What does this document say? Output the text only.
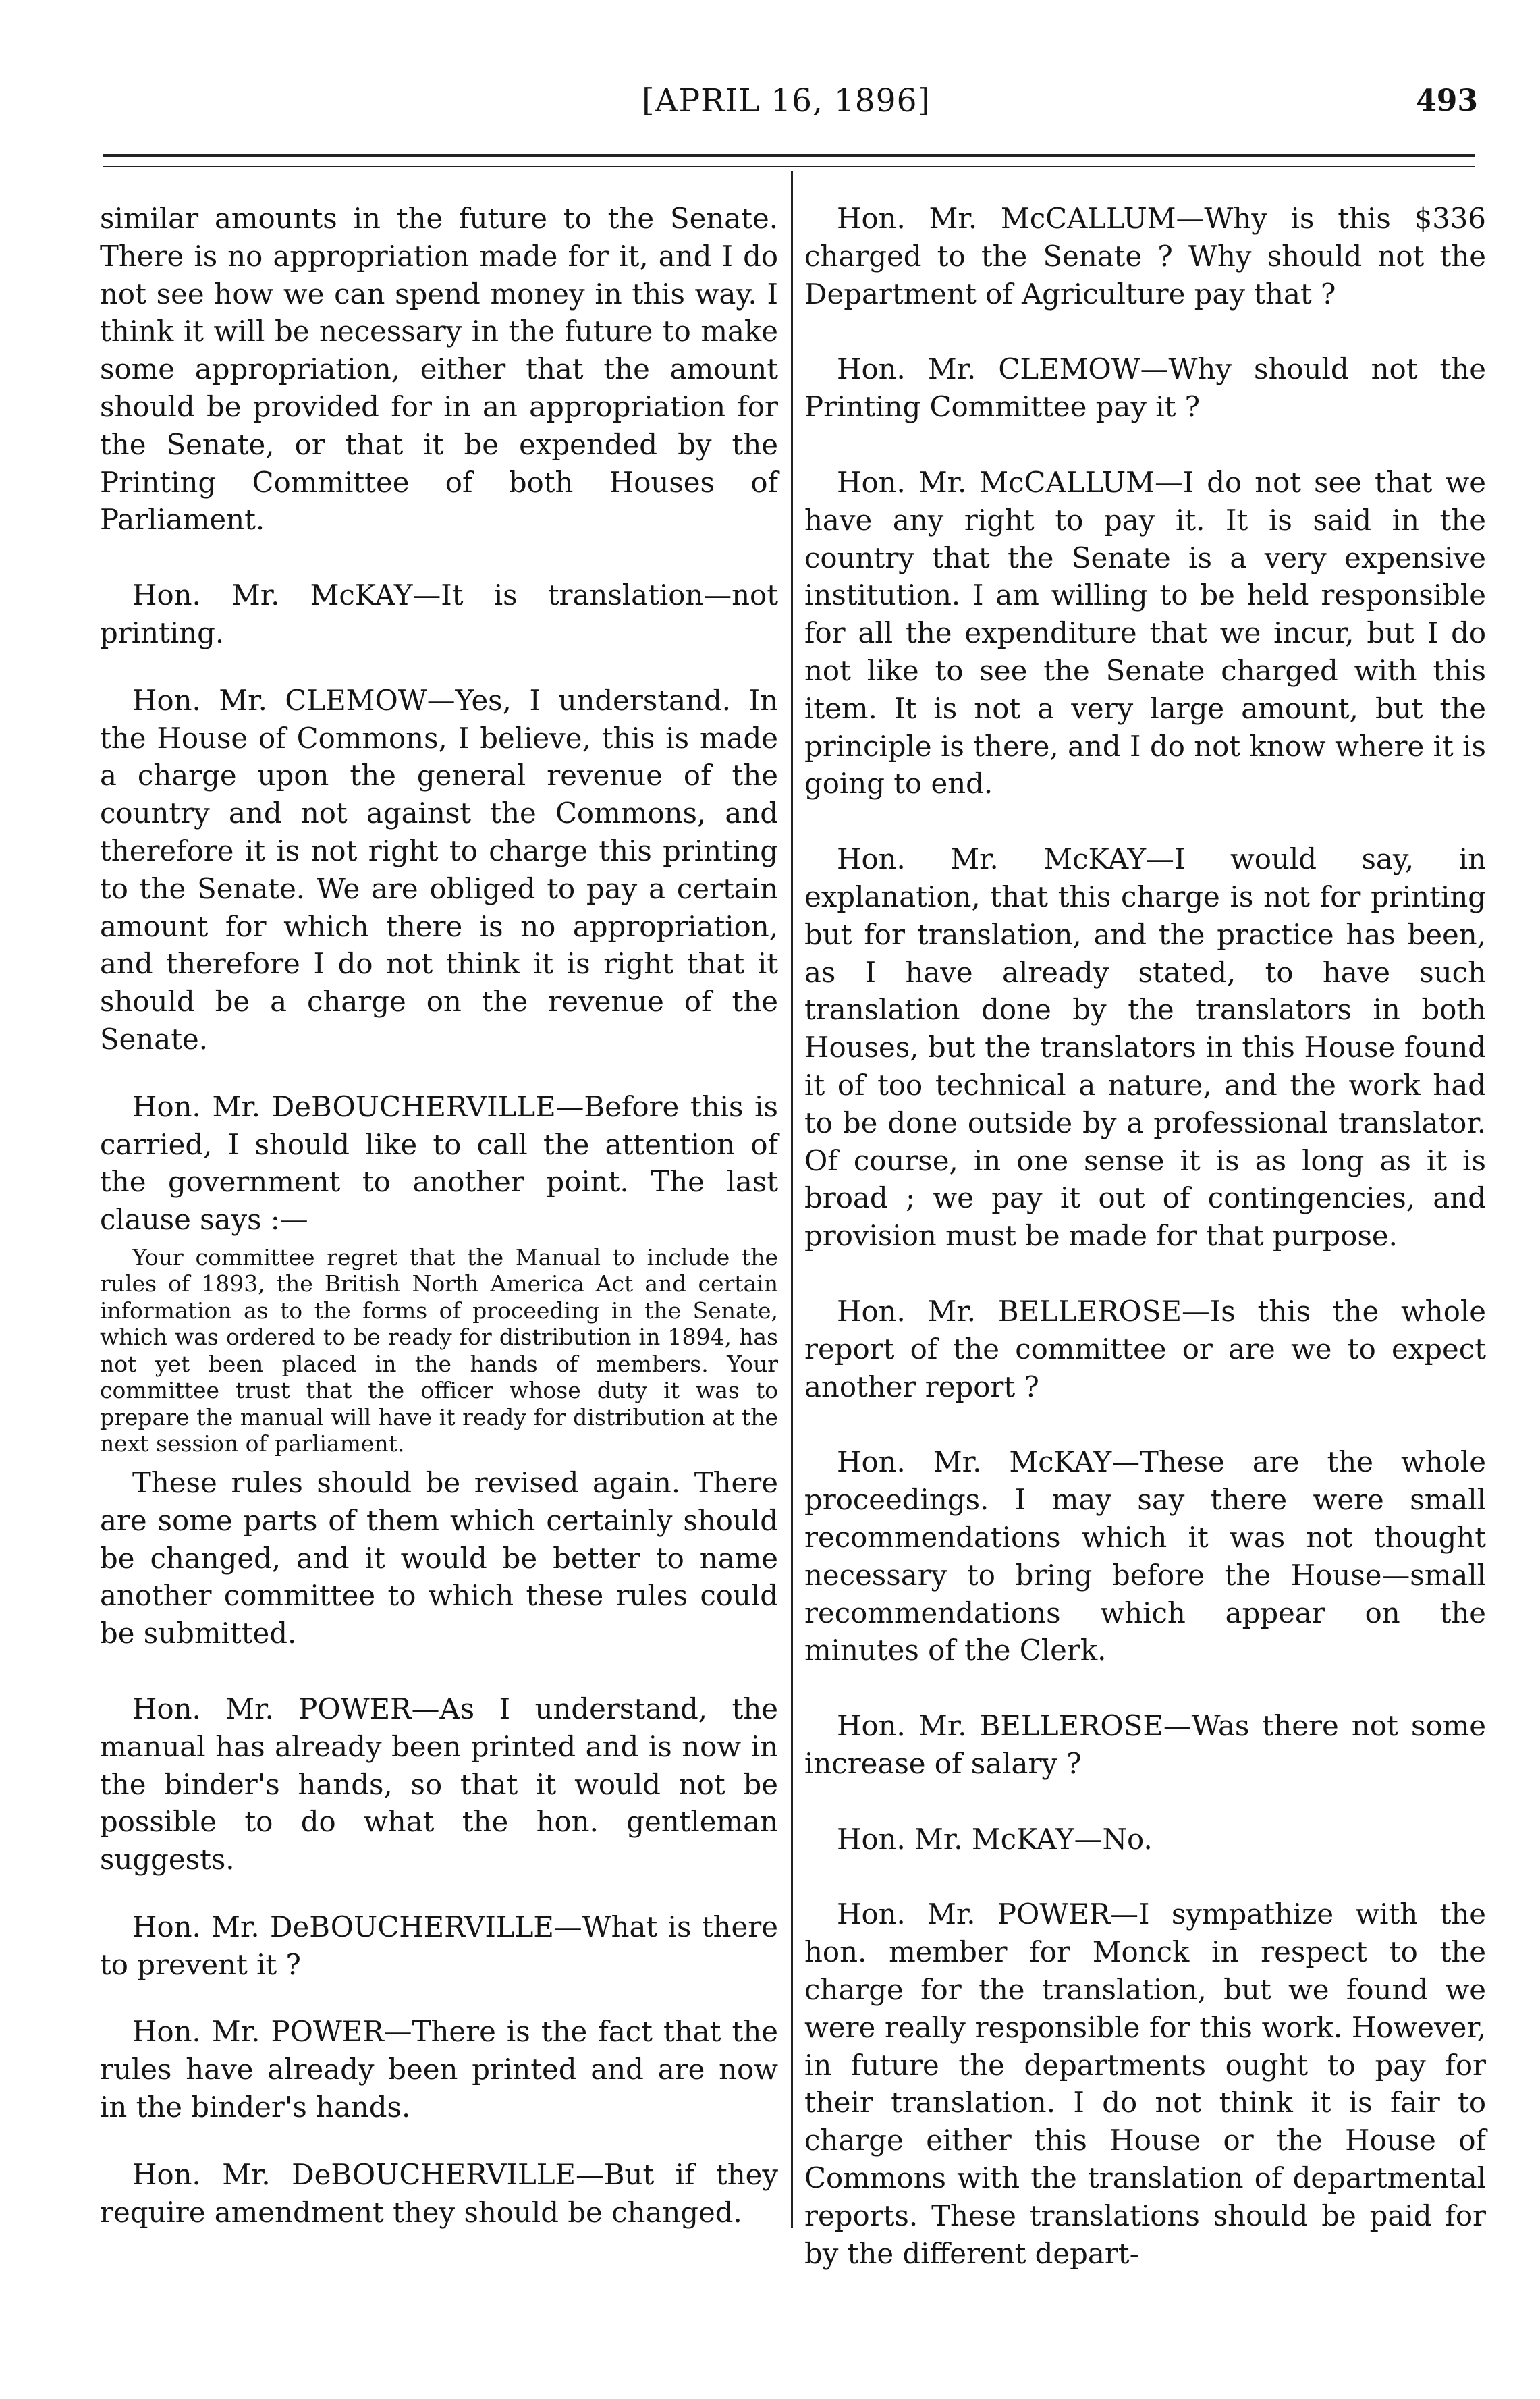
[APRIL 16, 1896]	493

similar amounts in the future to the Senate. There is no appropriation made for it, and I do not see how we can spend money in this way. I think it will be necessary in the future to make some appropriation, either that the amount should be provided for in an appropriation for the Senate, or that it be expended by the Printing Committee of both Houses of Parliament.

Hon. Mr. McKAY—It is translation—not printing.

Hon. Mr. CLEMOW—Yes, I understand. In the House of Commons, I believe, this is made a charge upon the general revenue of the country and not against the Commons, and therefore it is not right to charge this printing to the Senate. We are obliged to pay a certain amount for which there is no appropriation, and therefore I do not think it is right that it should be a charge on the revenue of the Senate.

Hon. Mr. DeBOUCHERVILLE—Before this is carried, I should like to call the attention of the government to another point. The last clause says :—

Your committee regret that the Manual to include the rules of 1893, the British North America Act and certain information as to the forms of proceeding in the Senate, which was ordered to be ready for distribution in 1894, has not yet been placed in the hands of members. Your committee trust that the officer whose duty it was to prepare the manual will have it ready for distribution at the next session of parliament.

These rules should be revised again. There are some parts of them which certainly should be changed, and it would be better to name another committee to which these rules could be submitted.

Hon. Mr. POWER—As I understand, the manual has already been printed and is now in the binder's hands, so that it would not be possible to do what the hon. gentleman suggests.

Hon. Mr. DeBOUCHERVILLE—What is there to prevent it ?

Hon. Mr. POWER—There is the fact that the rules have already been printed and are now in the binder's hands.

Hon. Mr. DeBOUCHERVILLE—But if they require amendment they should be changed.

Hon. Mr. McCALLUM—Why is this $336 charged to the Senate ? Why should not the Department of Agriculture pay that ?

Hon. Mr. CLEMOW—Why should not the Printing Committee pay it ?

Hon. Mr. McCALLUM—I do not see that we have any right to pay it. It is said in the country that the Senate is a very expensive institution. I am willing to be held responsible for all the expenditure that we incur, but I do not like to see the Senate charged with this item. It is not a very large amount, but the principle is there, and I do not know where it is going to end.

Hon. Mr. McKAY—I would say, in explanation, that this charge is not for printing but for translation, and the practice has been, as I have already stated, to have such translation done by the translators in both Houses, but the translators in this House found it of too technical a nature, and the work had to be done outside by a professional translator. Of course, in one sense it is as long as it is broad ; we pay it out of contingencies, and provision must be made for that purpose.

Hon. Mr. BELLEROSE—Is this the whole report of the committee or are we to expect another report ?

Hon. Mr. McKAY—These are the whole proceedings. I may say there were small recommendations which it was not thought necessary to bring before the House—small recommendations which appear on the minutes of the Clerk.

Hon. Mr. BELLEROSE—Was there not some increase of salary ?

Hon. Mr. McKAY—No.

Hon. Mr. POWER—I sympathize with the hon. member for Monck in respect to the charge for the translation, but we found we were really responsible for this work. However, in future the departments ought to pay for their translation. I do not think it is fair to charge either this House or the House of Commons with the translation of departmental reports. These translations should be paid for by the different depart-
